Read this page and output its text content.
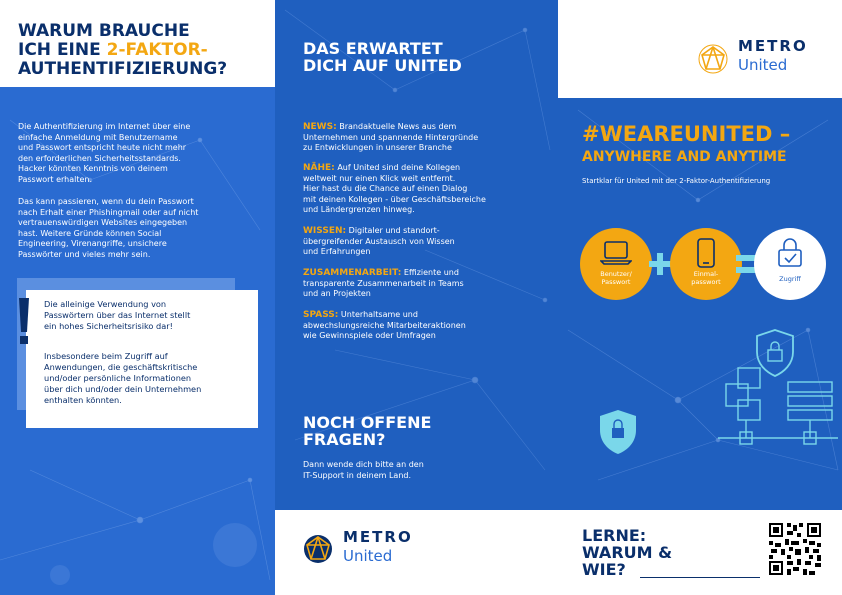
WARUM BRAUCHE
ICH EINE 2-FAKTOR-
AUTHENTIFIZIERUNG?
Die Authentifizierung im Internet über eine
einfache Anmeldung mit Benutzername
und Passwort entspricht heute nicht mehr
den erforderlichen Sicherheitsstandards.
Hacker könnten Kenntnis von deinem
Passwort erhalten.
Das kann passieren, wenn du dein Passwort
nach Erhalt einer Phishingmail oder auf nicht
vertrauenswürdigen Websites eingegeben
hast. Weitere Gründe können Social
Engineering, Virenangriffe, unsichere
Passwörter und vieles mehr sein.
Die alleinige Verwendung von
Passwörtern über das Internet stellt
ein hohes Sicherheitsrisiko dar!
Insbesondere beim Zugriff auf
Anwendungen, die geschäftskritische
und/oder persönliche Informationen
über dich und/oder dein Unternehmen
enthalten könnten.
DAS ERWARTET
DICH AUF UNITED
NEWS: Brandaktuelle News aus dem
Unternehmen und spannende Hintergründe
zu Entwicklungen in unserer Branche
NÄHE: Auf United sind deine Kollegen
weltweit nur einen Klick weit entfernt.
Hier hast du die Chance auf einen Dialog
mit deinen Kollegen - über Geschäftsbereiche
und Ländergrenzen hinweg.
WISSEN: Digitaler und standort-
übergreifender Austausch von Wissen
und Erfahrungen
ZUSAMMENARBEIT: Effiziente und
transparente Zusammenarbeit in Teams
und an Projekten
SPASS: Unterhaltsame und
abwechslungsreiche Mitarbeiteraktionen
wie Gewinnspiele oder Umfragen
NOCH OFFENE
FRAGEN?
Dann wende dich bitte an den
IT-Support in deinem Land.
METRO
United
METRO
United
#WEAREUNITED –
ANYWHERE AND ANYTIME
Startklar für United mit der 2-Faktor-Authentifizierung
Benutzer/
Passwort
Einmal-
passwort	Zugriff
LERNE:
WARUM &
WIE?
